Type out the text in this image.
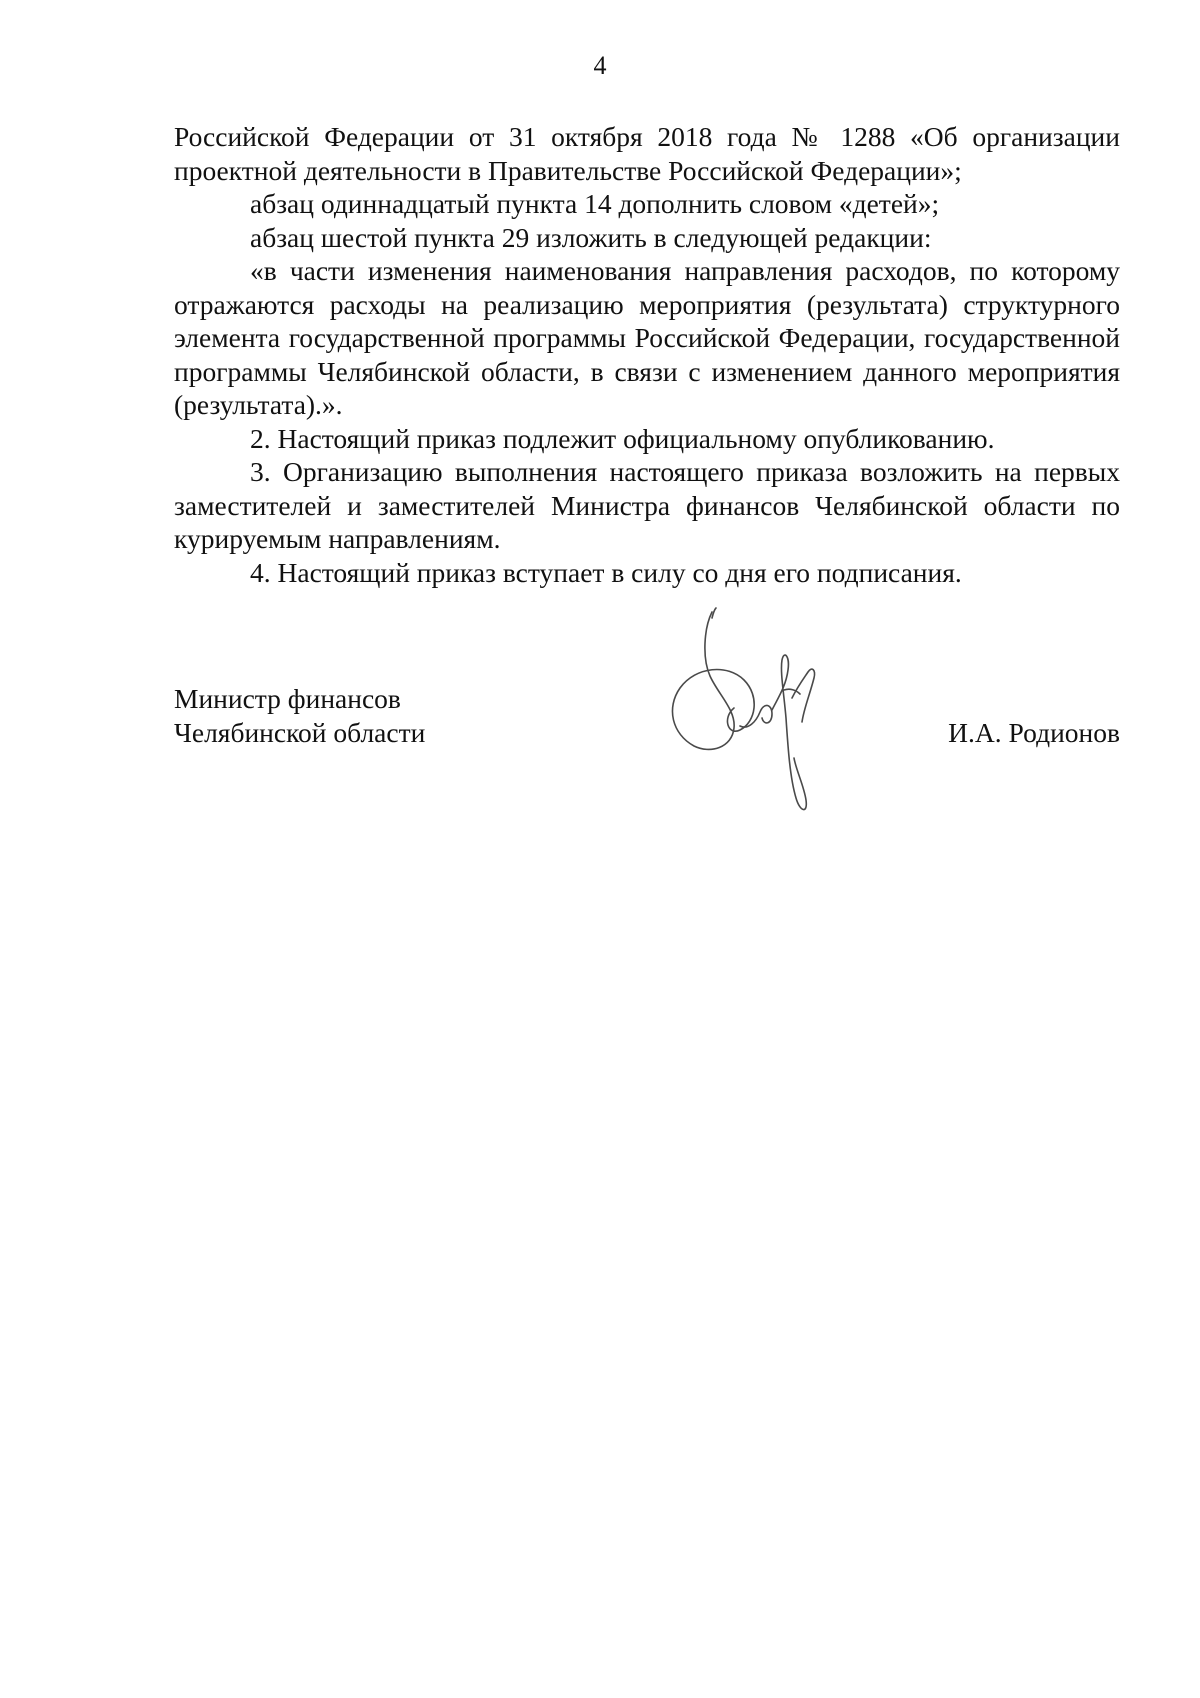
4

Российской Федерации от 31 октября 2018 года № 1288 «Об организации проектной деятельности в Правительстве Российской Федерации»;

абзац одиннадцатый пункта 14 дополнить словом «детей»;

абзац шестой пункта 29 изложить в следующей редакции:

«в части изменения наименования направления расходов, по которому отражаются расходы на реализацию мероприятия (результата) структурного элемента государственной программы Российской Федерации, государственной программы Челябинской области, в связи с изменением данного мероприятия (результата).».

2. Настоящий приказ подлежит официальному опубликованию.

3. Организацию выполнения настоящего приказа возложить на первых заместителей и заместителей Министра финансов Челябинской области по курируемым направлениям.

4. Настоящий приказ вступает в силу со дня его подписания.

Министр финансов
Челябинской области	И.А. Родионов
